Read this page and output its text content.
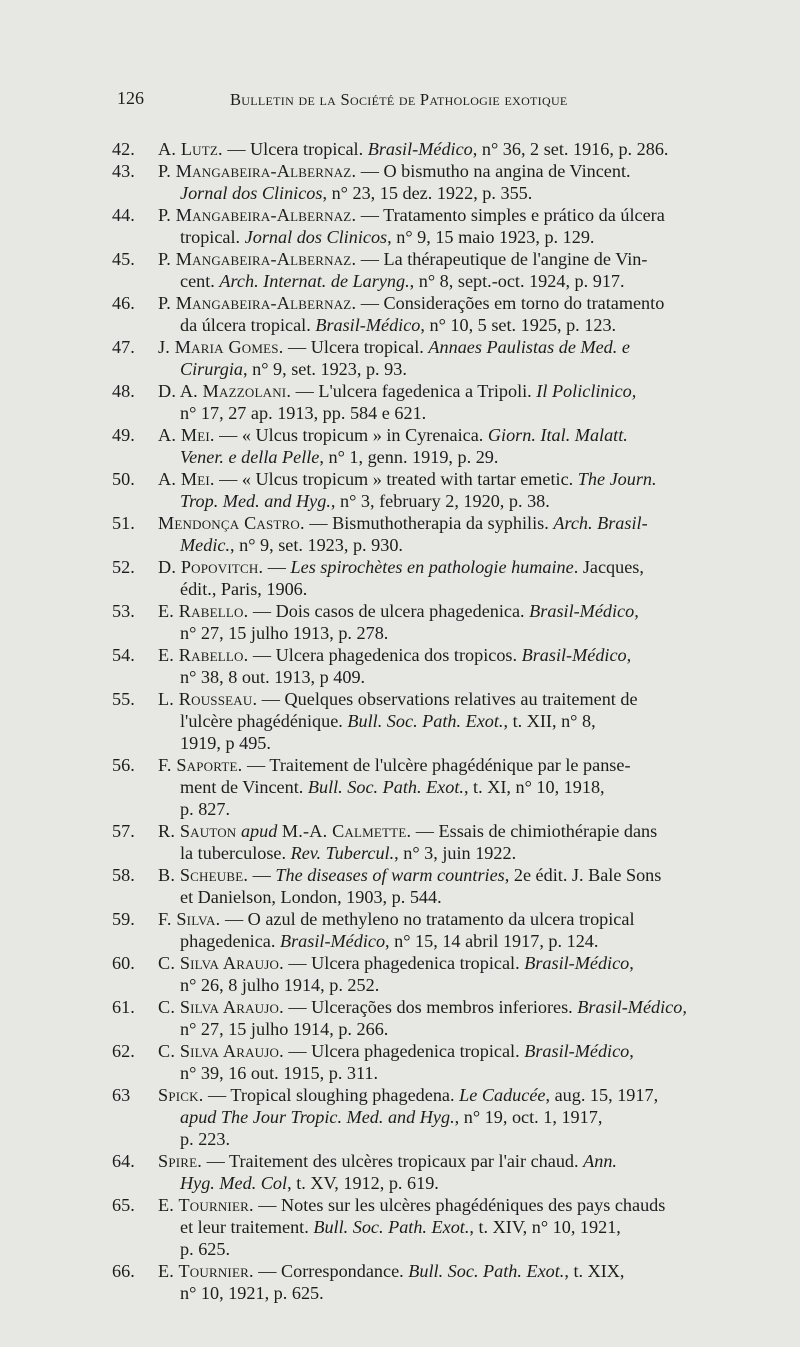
126	Bulletin de la Société de Pathologie exotique
42.	A. Lutz. — Ulcera tropical. Brasil-Médico, n° 36, 2 set. 1916, p. 286.
43.	P. Mangabeira-Albernaz. — O bismutho na angina de Vincent.
Jornal dos Clinicos, n° 23, 15 dez. 1922, p. 355.
44.	P. Mangabeira-Albernaz. — Tratamento simples e prático da úlcera
tropical. Jornal dos Clinicos, n° 9, 15 maio 1923, p. 129.
45.	P. Mangabeira-Albernaz. — La thérapeutique de l'angine de Vin-
cent. Arch. Internat. de Laryng., n° 8, sept.-oct. 1924, p. 917.
46.	P. Mangabeira-Albernaz. — Considerações em torno do tratamento
da úlcera tropical. Brasil-Médico, n° 10, 5 set. 1925, p. 123.
47.	J. Maria Gomes. — Ulcera tropical. Annaes Paulistas de Med. e
Cirurgia, n° 9, set. 1923, p. 93.
48.	D. A. Mazzolani. — L'ulcera fagedenica a Tripoli. Il Policlinico,
n° 17, 27 ap. 1913, pp. 584 e 621.
49.	A. Mei. — « Ulcus tropicum » in Cyrenaica. Giorn. Ital. Malatt.
Vener. e della Pelle, n° 1, genn. 1919, p. 29.
50.	A. Mei. — « Ulcus tropicum » treated with tartar emetic. The Journ.
Trop. Med. and Hyg., n° 3, february 2, 1920, p. 38.
51.	Mendonça Castro. — Bismuthotherapia da syphilis. Arch. Brasil-
Medic., n° 9, set. 1923, p. 930.
52.	D. Popovitch. — Les spirochètes en pathologie humaine. Jacques,
édit., Paris, 1906.
53.	E. Rabello. — Dois casos de ulcera phagedenica. Brasil-Médico,
n° 27, 15 julho 1913, p. 278.
54.	E. Rabello. — Ulcera phagedenica dos tropicos. Brasil-Médico,
n° 38, 8 out. 1913, p 409.
55.	L. Rousseau. — Quelques observations relatives au traitement de
l'ulcère phagédénique. Bull. Soc. Path. Exot., t. XII, n° 8,
1919, p 495.
56.	F. Saporte. — Traitement de l'ulcère phagédénique par le panse-
ment de Vincent. Bull. Soc. Path. Exot., t. XI, n° 10, 1918,
p. 827.
57.	R. Sauton apud M.-A. Calmette. — Essais de chimiothérapie dans
la tuberculose. Rev. Tubercul., n° 3, juin 1922.
58.	B. Scheube. — The diseases of warm countries, 2e édit. J. Bale Sons
et Danielson, London, 1903, p. 544.
59.	F. Silva. — O azul de methyleno no tratamento da ulcera tropical
phagedenica. Brasil-Médico, n° 15, 14 abril 1917, p. 124.
60.	C. Silva Araujo. — Ulcera phagedenica tropical. Brasil-Médico,
n° 26, 8 julho 1914, p. 252.
61.	C. Silva Araujo. — Ulcerações dos membros inferiores. Brasil-Médico,
n° 27, 15 julho 1914, p. 266.
62.	C. Silva Araujo. — Ulcera phagedenica tropical. Brasil-Médico,
n° 39, 16 out. 1915, p. 311.
63	Spick. — Tropical sloughing phagedena. Le Caducée, aug. 15, 1917,
apud The Jour Tropic. Med. and Hyg., n° 19, oct. 1, 1917,
p. 223.
64.	Spire. — Traitement des ulcères tropicaux par l'air chaud. Ann.
Hyg. Med. Col, t. XV, 1912, p. 619.
65.	E. Tournier. — Notes sur les ulcères phagédéniques des pays chauds
et leur traitement. Bull. Soc. Path. Exot., t. XIV, n° 10, 1921,
p. 625.
66.	E. Tournier. — Correspondance. Bull. Soc. Path. Exot., t. XIX,
n° 10, 1921, p. 625.
